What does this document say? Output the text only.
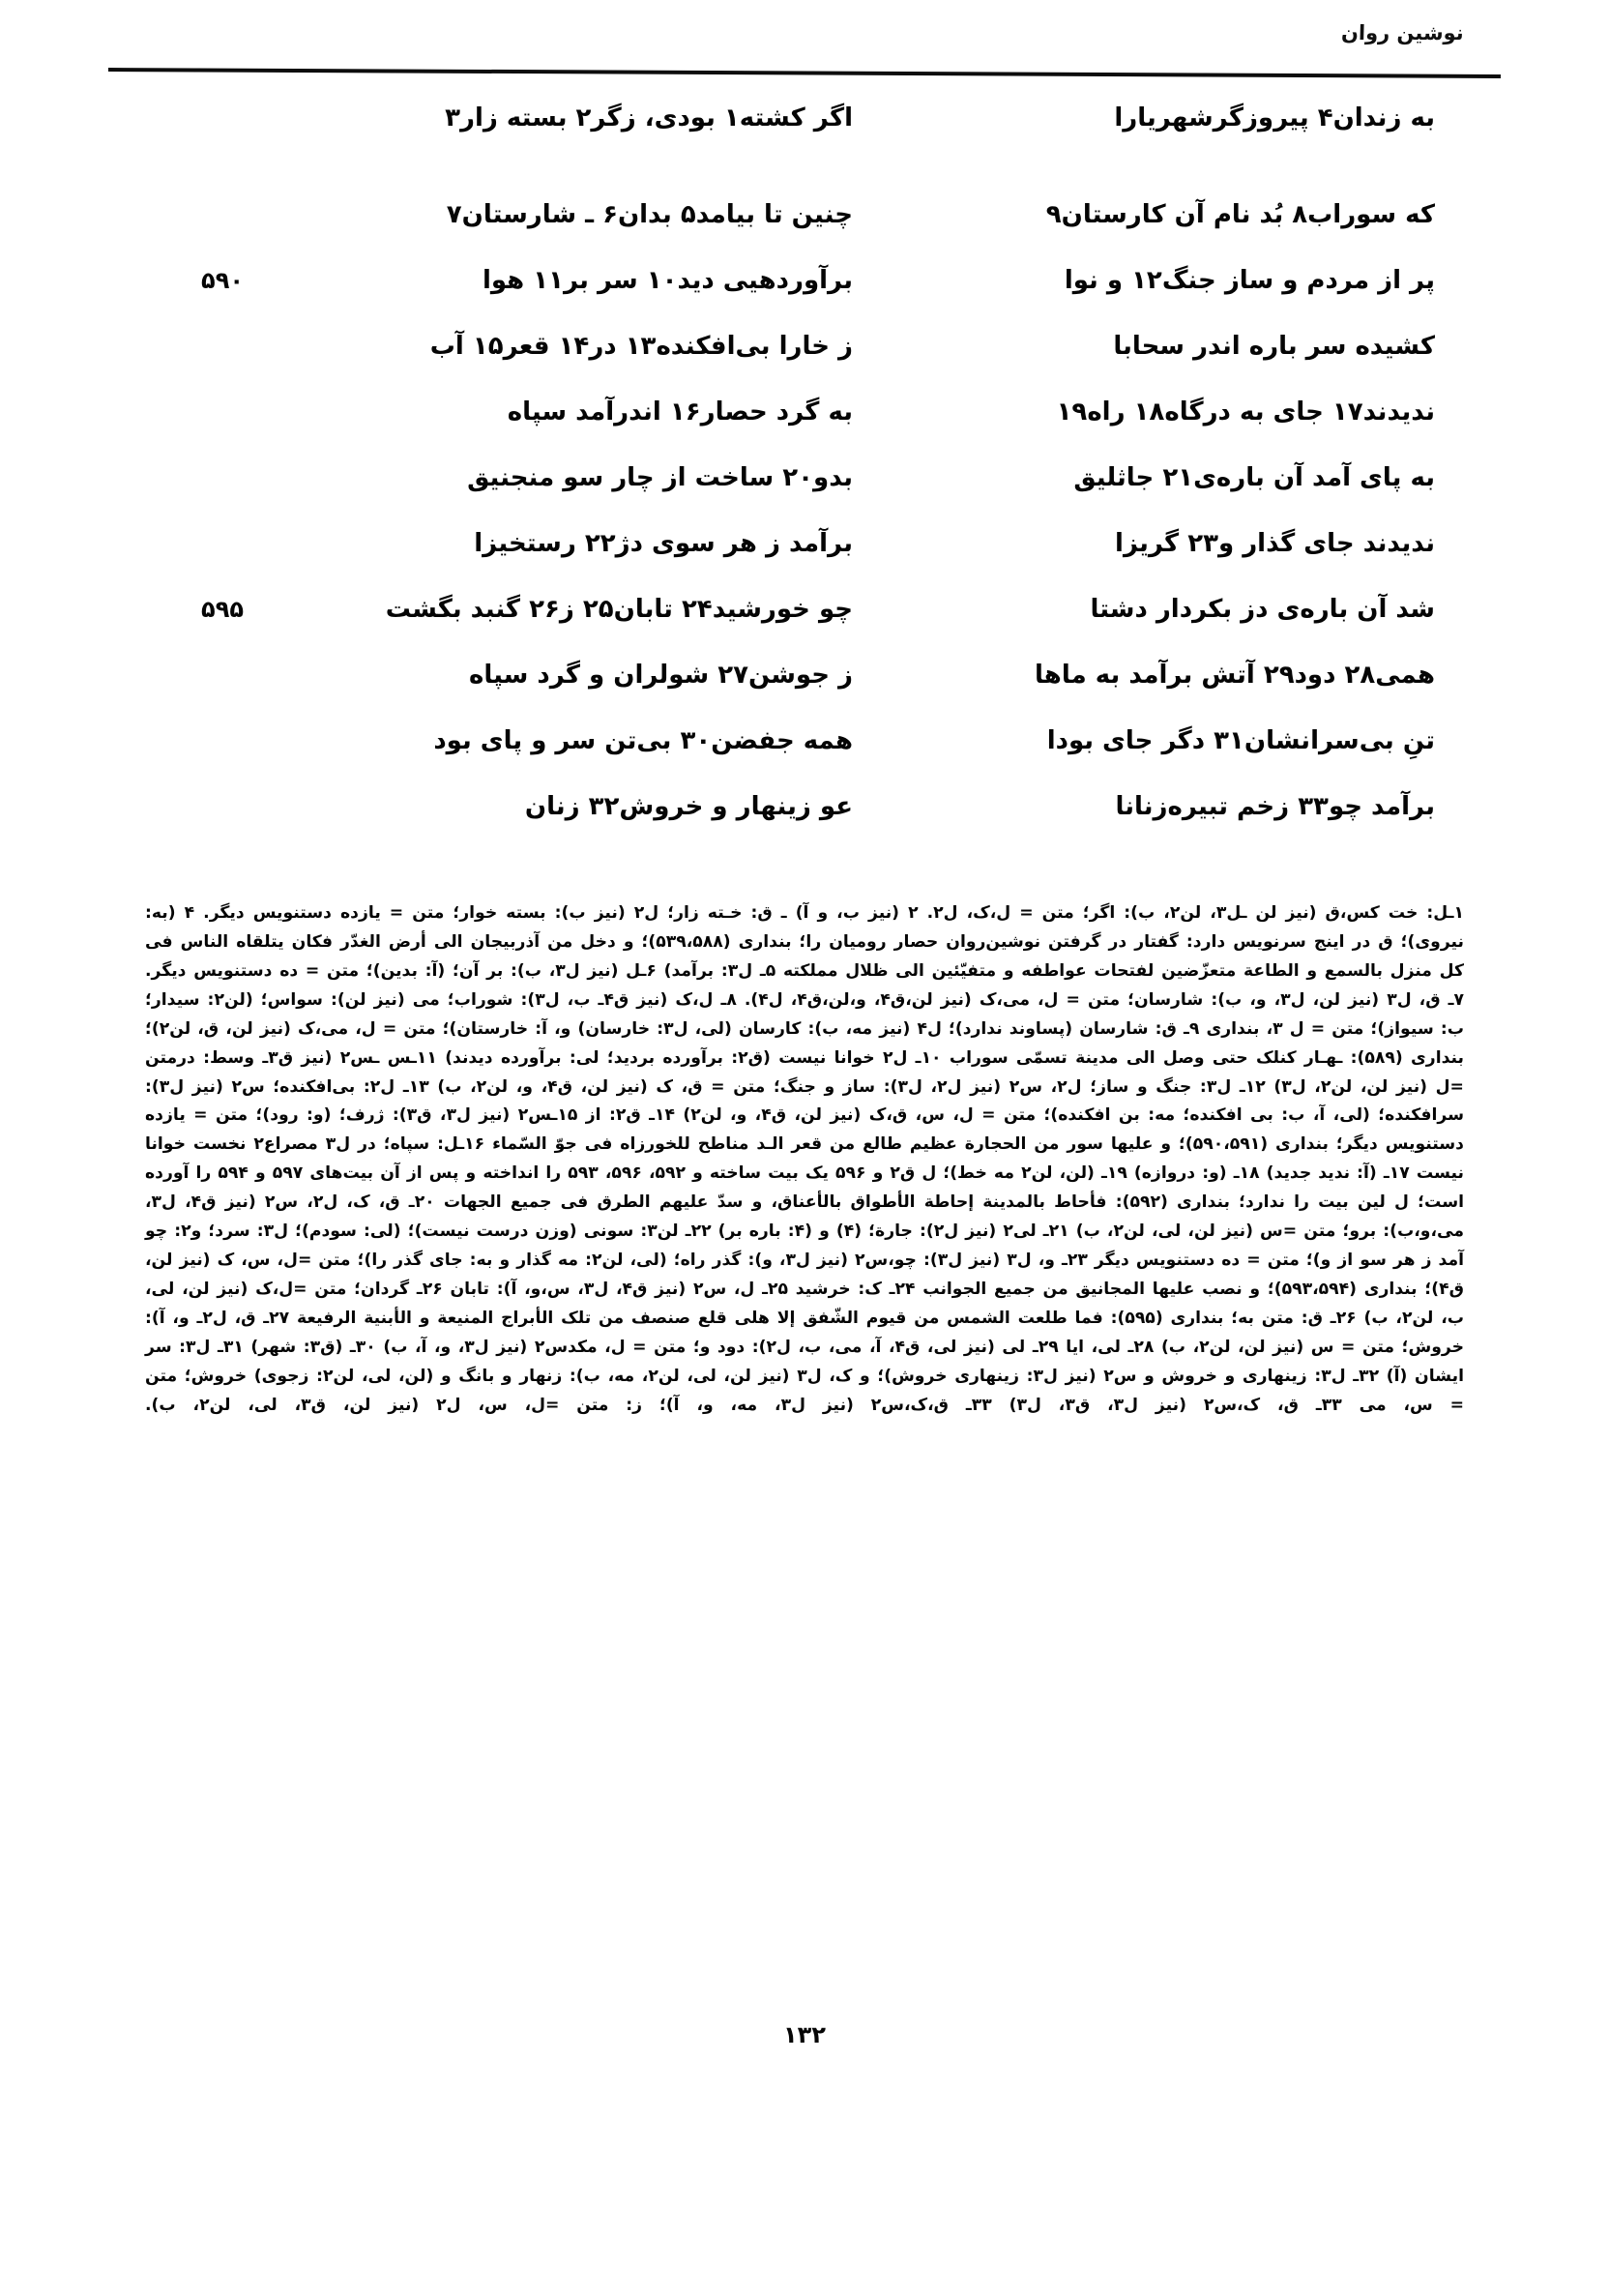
نوشین روان
به زندان۴ پیروزگرشهریارا
اگر کشته۱ بودی، زگر۲ بسته زار۳
که سوراب۸ بُد نام آن کارستان۹
چنین تا بیامد۵ بدان۶ ـ شارستان۷
پر از مردم و ساز جنگ۱۲ و نوا
برآوردهیی دید۱۰ سر بر۱۱ هوا
۵۹۰
کشیده سر باره اندر سحابا
ز خارا بی‌افکنده۱۳ در۱۴ قعر۱۵ آب
ندیدند۱۷ جای به درگاه۱۸ راه۱۹
به گرد حصار۱۶ اندرآمد سپاه
به پای آمد آن باره‌ی۲۱ جاثلیق
بدو۲۰ ساخت از چار سو منجنیق
ندیدند جای گذار و۲۳ گریزا
برآمد ز هر سوی دژ۲۲ رستخیزا
شد آن باره‌ی دز بکردار دشتا
چو خورشید۲۴ تابان۲۵ ز۲۶ گنبد بگشت
۵۹۵
همی۲۸ دود۲۹ آتش برآمد به ماها
ز جوشن۲۷ شولران و گرد سپاه
تنِ بی‌سرانشان۳۱ دگر جای بودا
همه جفضن۳۰ بی‌تن سر و پای بود
برآمد چو۳۳ زخم تبیره‌زنانا
عو زینهار و خروش۳۲ زنان

۱ـل: خت کس،ق (نیز لن ـل۳، لن۲، ب): اگر؛ متن = ل،ک، ل۲. ۲ (نیز ب، و آ) ـ ق: خـته زار؛ ل۲ (نیز ب): بسته خوار؛ متن = یازده دستنویس دیگر. ۴ (به: نیروی)؛ ق در اینج سرنویس دارد: گفتار در گرفتن نوشین‌روان حصار رومیان را؛ بنداری (۵۳۹،۵۸۸)؛ و دخل من آذربیجان الی أرض الغدّر فکان یتلقاه الناس فی کل منزل بالسمع و الطاعة متعزّضین لفتحات عواطفه و متفیّئین الی ظلال مملکته ۵ـ ل۳: برآمد) ۶ـل (نیز ل۳، ب): بر آن؛ (آ: بدین)؛ متن = ده دستنویس دیگر. ۷ـ ق، ل۳ (نیز لن، ل۳، و، ب): شارسان؛ متن = ل، می،ک (نیز لن،ق۴، و،لن،ق۴، ل۴). ۸ـ ل،ک (نیز ق۴ـ ب، ل۳): شوراب؛ می (نیز لن): سواس؛ (لن۲: سیدار؛ ب: سیواز)؛ متن = ل ۳، بنداری ۹ـ ق: شارسان (پساوند ندارد)؛ ل۴ (نیز مه، ب): کارسان (لی، ل۳: خارسان) و، آ: خارستان)؛ متن = ل، می،ک (نیز لن، ق، لن۲)؛ بنداری (۵۸۹): ـهـار کنلک حتی وصل الی مدینة تسمّی سوراب ۱۰ـ ل۲ خوانا نیست (ق۲: برآورده برديد؛ لی: برآورده دیدند) ۱۱ـس ـس۲ (نیز ق۳ـ وسط: درمتن =ل (نیز لن، لن۲، ل۳) ۱۲ـ ل۳: جنگ و ساز؛ ل۲، س۲ (نیز ل۲، ل۳): ساز و جنگ؛ متن = ق، ک (نیز لن، ق۴، و، لن۲، ب) ۱۳ـ ل۲: بی‌افکنده؛ س۲ (نیز ل۳): سرافکنده؛ (لی، آ، ب: بی افکنده؛ مه: بن افکنده)؛ متن = ل، س، ق،ک (نیز لن، ق۴، و، لن۲) ۱۴ـ ق۲: از ۱۵ـس۲ (نیز ل۳، ق۳): ژرف؛ (و: رود)؛ متن = یازده دستنویس دیگر؛ بنداری (۵۹۰،۵۹۱)؛ و علیها سور من الحجارة عظیم طالع من قعر الـد مناطح للخورزاه فی جوّ السّماء ۱۶ـل: سپاه؛ در ل۳ مصراع۲ نخست خوانا نیست ۱۷ـ (آ: ندید جدید) ۱۸ـ (و: دروازه) ۱۹ـ (لن، لن۲ مه خط)؛ ل ق۲ و ۵۹۶ یک بیت ساخته و ۵۹۲، ۵۹۶، ۵۹۳ را انداخته و پس از آن بیت‌های ۵۹۷ و ۵۹۴ را آورده است؛ ل لین بیت را ندارد؛ بنداری (۵۹۲): فأحاط بالمدینة إحاطة الأطواق بالأعناق، و سدّ علیهم الطرق فی جمیع الجهات ۲۰ـ ق، ک، ل۲، س۲ (نیز ق۴، ل۳، می،و،ب): برو؛ متن =س (نیز لن، لی، لن۲، ب) ۲۱ـ لی۲ (نیز ل۲): جارة؛ (۴) و (۴: باره بر) ۲۲ـ لن۳: سونی (وزن درست نیست)؛ (لی: سودم)؛ ل۳: سرد؛ و۲: چو آمد ز هر سو از و)؛ متن = ده دستنویس دیگر ۲۳ـ و، ل۳ (نیز ل۳): چو،س۲ (نیز ل۳، و): گذر راه؛ (لی، لن۲: مه گذار و به: جای گذر را)؛ متن =ل، س، ک (نیز لن، ق۴)؛ بنداری (۵۹۳،۵۹۴)؛ و نصب علیها المجانیق من جمیع الجوانب ۲۴ـ ک: خرشید ۲۵ـ ل، س۲ (نیز ق۴، ل۳، س،و، آ): تابان ۲۶ـ گردان؛ متن =ل،ک (نیز لن، لی، ب، لن۲، ب) ۲۶ـ ق: متن به؛ بنداری (۵۹۵): فما طلعت الشمس من قیوم الشّفق إلا هلی قلع صنصف من تلک الأبراج المنیعة و الأبنیة الرفیعة ۲۷ـ ق، ل۲ـ و، آ): خروش؛ متن = س (نیز لن، لن۲، ب) ۲۸ـ لی، ایا ۲۹ـ لی (نیز لی، ق۴، آ، می، ب، ل۲): دود و؛ متن = ل، مکدس۲ (نیز ل۳، و، آ، ب) ۳۰ـ (ق۳: شهر) ۳۱ـ ل۳: سر ایشان (آ) ۳۲ـ ل۳: زینهاری و خروش و س۲ (نیز ل۳: زینهاری خروش)؛ و ک، ل۳ (نیز لن، لی، لن۲، مه، ب): زنهار و بانگ و (لن، لی، لن۲: زجوی) خروش؛ متن = س، می ۳۳ـ ق، ک،س۲ (نیز ل۳، ق۳، ل۳) ۳۳ـ ق،ک،س۲ (نیز ل۳، مه، و، آ)؛ ز: متن =ل، س، ل۲ (نیز لن، ق۳، لی، لن۲، ب).

۱۳۲
